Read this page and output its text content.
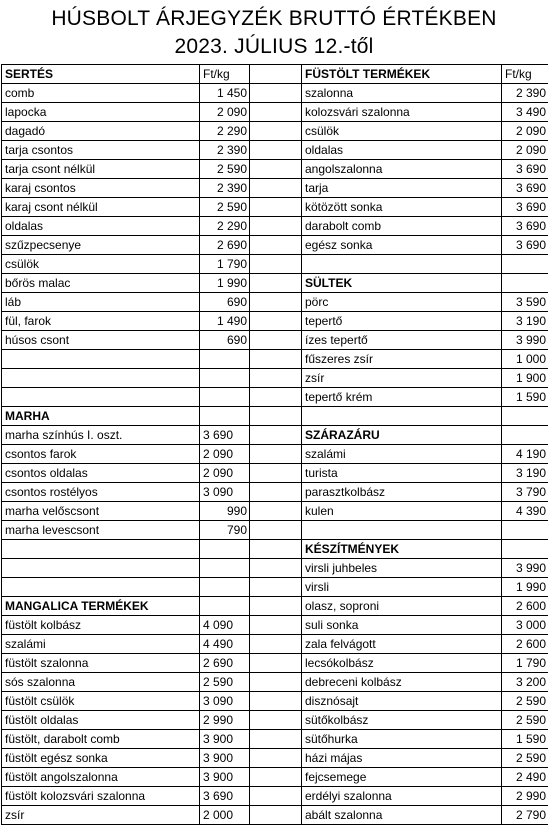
HÚSBOLT ÁRJEGYZÉK BRUTTÓ ÉRTÉKBEN
2023. JÚLIUS 12.-től
SERTÉS	Ft/kg		FÜSTÖLT TERMÉKEK	Ft/kg
comb	1 450		szalonna	2 390
lapocka	2 090		kolozsvári szalonna	3 490
dagadó	2 290		csülök	2 090
tarja csontos	2 390		oldalas	2 090
tarja csont nélkül	2 590		angolszalonna	3 690
karaj csontos	2 390		tarja	3 690
karaj csont nélkül	2 590		kötözött sonka	3 690
oldalas	2 290		darabolt comb	3 690
szűzpecsenye	2 690		egész sonka	3 690
csülök	1 790			
bőrös malac	1 990		SÜLTEK	
láb	690		pörc	3 590
fül, farok	1 490		tepertő	3 190
húsos csont	690		ízes tepertő	3 990
			fűszeres zsír	1 000
			zsír	1 900
			tepertő krém	1 590
MARHA				
marha színhús I. oszt.	3 690		SZÁRAZÁRU	
csontos farok	2 090		szalámi	4 190
csontos oldalas	2 090		turista	3 190
csontos rostélyos	3 090		parasztkolbász	3 790
marha velőscsont	990		kulen	4 390
marha levescsont	790			
			KÉSZÍTMÉNYEK	
			virsli juhbeles	3 990
			virsli	1 990
MANGALICA TERMÉKEK			olasz, soproni	2 600
füstölt kolbász	4 090		suli sonka	3 000
szalámi	4 490		zala felvágott	2 600
füstölt szalonna	2 690		lecsókolbász	1 790
sós szalonna	2 590		debreceni kolbász	3 200
füstölt csülök	3 090		disznósajt	2 590
füstölt oldalas	2 990		sütőkolbász	2 590
füstölt, darabolt comb	3 900		sütőhurka	1 590
füstölt egész sonka	3 900		házi májas	2 590
füstölt angolszalonna	3 900		fejcsemege	2 490
füstölt kolozsvári szalonna	3 690		erdélyi szalonna	2 990
zsír	2 000		abált szalonna	2 790
